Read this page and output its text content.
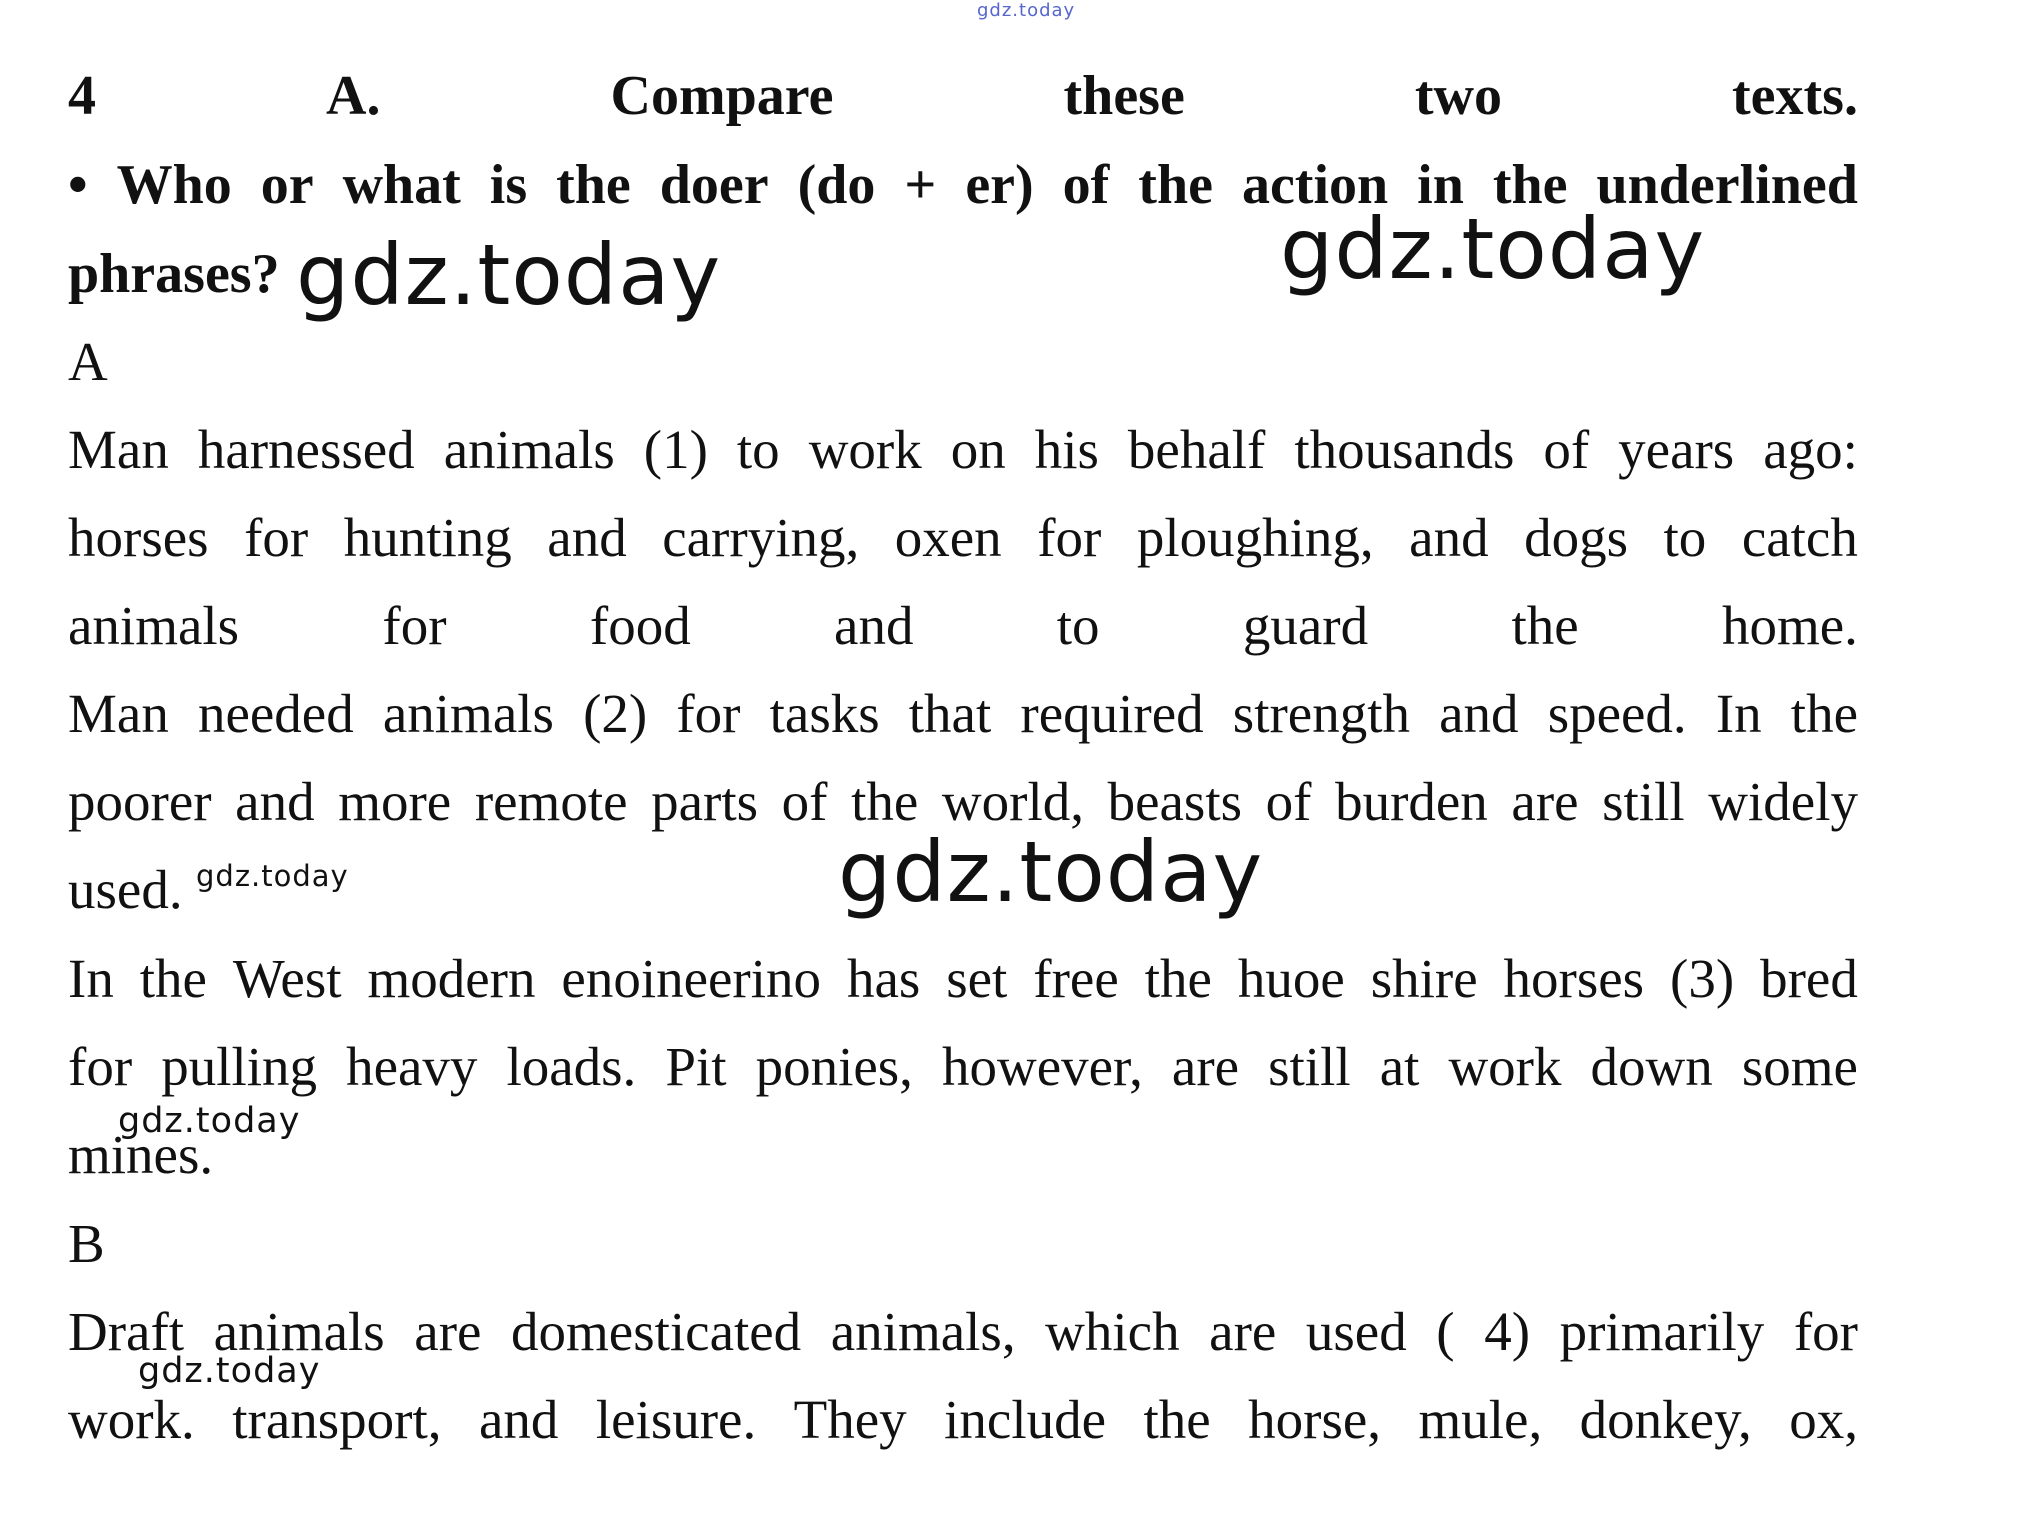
gdz.today
4	A.	Compare	these	two	texts.
• Who or what is the doer (do + er) of the action in the underlined
phrases?
A
Man harnessed animals (1) to work on his behalf thousands of years ago:
horses for hunting and carrying, oxen for ploughing, and dogs to catch
animals	for	food	and	to	guard	the	home.
Man needed animals (2) for tasks that required strength and speed. In the
poorer and more remote parts of the world, beasts of burden are still widely
used.
In the West modern enoineerino has set free the huoe shire horses (3) bred
for pulling heavy loads. Pit ponies, however, are still at work down some
mines.
B
Draft animals are domesticated animals, which are used ( 4) primarily for
work. transport, and leisure. They include the horse, mule, donkey, ox,
gdz.today	gdz.today
gdz.today
gdz.today
gdz.today
gdz.today
